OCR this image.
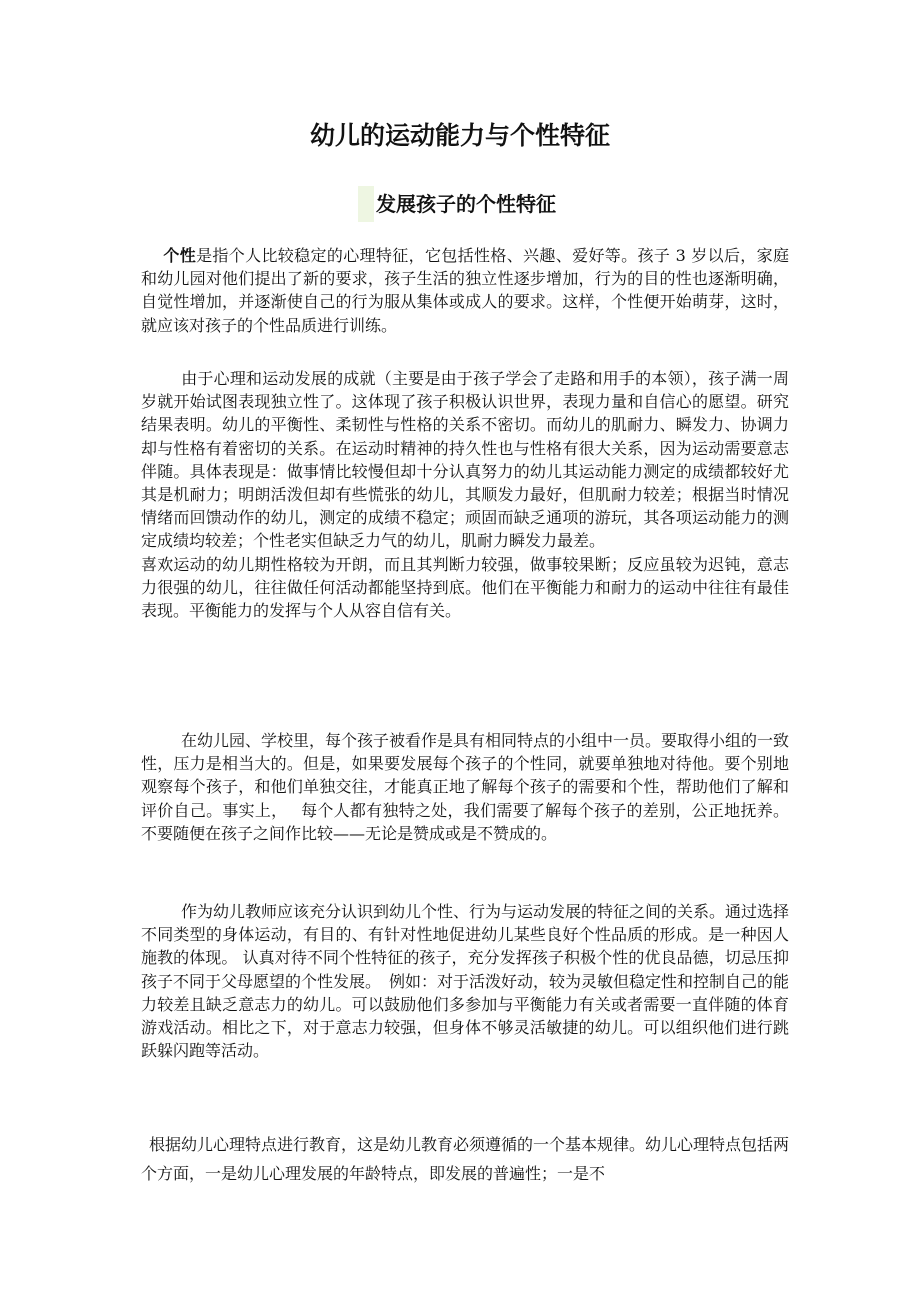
幼儿的运动能力与个性特征
发展孩子的个性特征

个性是指个人比较稳定的心理特征，它包括性格、兴趣、爱好等。孩子 3 岁以后，家庭和幼儿园对他们提出了新的要求，孩子生活的独立性逐步增加，行为的目的性也逐渐明确，自觉性增加，并逐渐使自己的行为服从集体或成人的要求。这样，个性便开始萌芽，这时，就应该对孩子的个性品质进行训练。

由于心理和运动发展的成就（主要是由于孩子学会了走路和用手的本领），孩子满一周岁就开始试图表现独立性了。这体现了孩子积极认识世界，表现力量和自信心的愿望。研究结果表明。幼儿的平衡性、柔韧性与性格的关系不密切。而幼儿的肌耐力、瞬发力、协调力却与性格有着密切的关系。在运动时精神的持久性也与性格有很大关系，因为运动需要意志伴随。具体表现是：做事情比较慢但却十分认真努力的幼儿其运动能力测定的成绩都较好尤其是机耐力；明朗活泼但却有些慌张的幼儿，其顺发力最好，但肌耐力较差；根据当时情况情绪而回馈动作的幼儿，测定的成绩不稳定；顽固而缺乏通项的游玩，其各项运动能力的测定成绩均较差；个性老实但缺乏力气的幼儿，肌耐力瞬发力最差。
喜欢运动的幼儿期性格较为开朗，而且其判断力较强，做事较果断；反应虽较为迟钝，意志力很强的幼儿，往往做任何活动都能坚持到底。他们在平衡能力和耐力的运动中往往有最佳表现。平衡能力的发挥与个人从容自信有关。

在幼儿园、学校里，每个孩子被看作是具有相同特点的小组中一员。要取得小组的一致性，压力是相当大的。但是，如果要发展每个孩子的个性同，就要单独地对待他。要个别地观察每个孩子，和他们单独交往，才能真正地了解每个孩子的需要和个性，帮助他们了解和评价自己。事实上，　 每个人都有独特之处，我们需要了解每个孩子的差别，公正地抚养。不要随便在孩子之间作比较——无论是赞成或是不赞成的。

作为幼儿教师应该充分认识到幼儿个性、行为与运动发展的特征之间的关系。通过选择不同类型的身体运动，有目的、有针对性地促进幼儿某些良好个性品质的形成。是一种因人施教的体现。 认真对待不同个性特征的孩子，充分发挥孩子积极个性的优良品德，切忌压抑孩子不同于父母愿望的个性发展。　例如：对于活泼好动，较为灵敏但稳定性和控制自己的能力较差且缺乏意志力的幼儿。可以鼓励他们多参加与平衡能力有关或者需要一直伴随的体育游戏活动。相比之下，对于意志力较强，但身体不够灵活敏捷的幼儿。可以组织他们进行跳跃躲闪跑等活动。

根据幼儿心理特点进行教育，这是幼儿教育必须遵循的一个基本规律。幼儿心理特点包括两个方面，一是幼儿心理发展的年龄特点，即发展的普遍性；一是不
